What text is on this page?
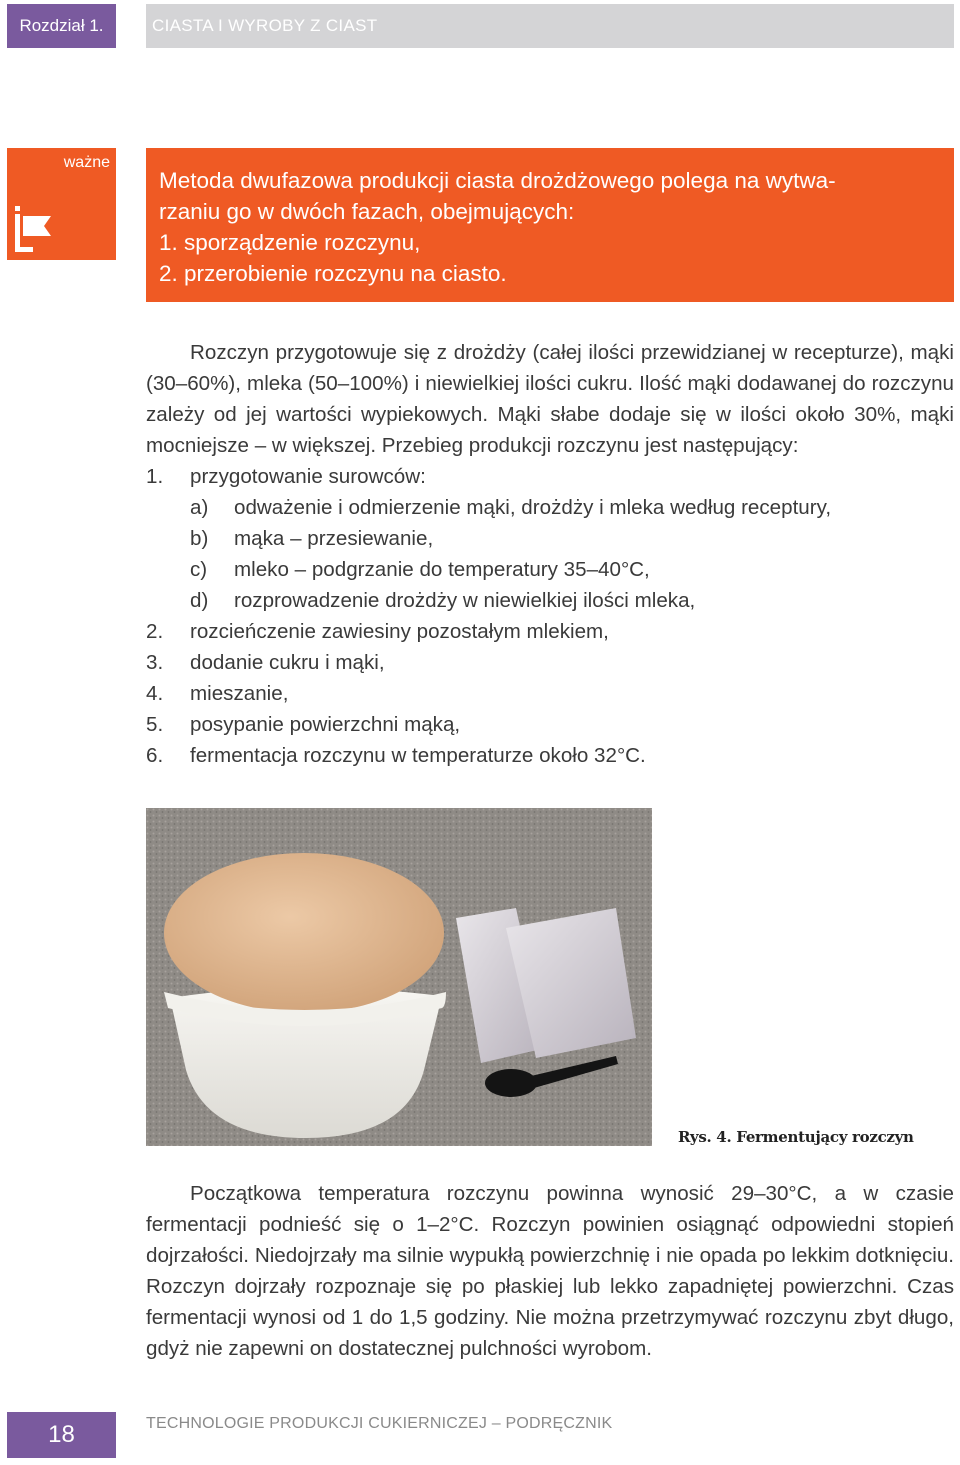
Rozdział 1.	CIASTA I WYROBY Z CIAST
ważne

Metoda dwufazowa produkcji ciasta drożdżowego polega na wytwa-

rzaniu go w dwóch fazach, obejmujących:

1. sporządzenie rozczynu,

2. przerobienie rozczynu na ciasto.

Rozczyn przygotowuje się z drożdży (całej ilości przewidzianej w recepturze), mąki (30–60%), mleka (50–100%) i niewielkiej ilości cukru. Ilość mąki dodawanej do rozczynu zależy od jej wartości wypiekowych. Mąki słabe dodaje się w ilości około 30%, mąki mocniejsze – w większej. Przebieg produkcji rozczynu jest następujący:

1.	przygotowanie surowców:
a)	odważenie i odmierzenie mąki, drożdży i mleka według receptury,
b)	mąka – przesiewanie,
c)	mleko – podgrzanie do temperatury 35–40°C,
d)	rozprowadzenie drożdży w niewielkiej ilości mleka,
2.	rozcieńczenie zawiesiny pozostałym mlekiem,
3.	dodanie cukru i mąki,
4.	mieszanie,
5.	posypanie powierzchni mąką,
6.	fermentacja rozczynu w temperaturze około 32°C.
Rys. 4. Fermentujący rozczyn

Początkowa temperatura rozczynu powinna wynosić 29–30°C, a w czasie fermentacji podnieść się o 1–2°C. Rozczyn powinien osiągnąć odpowiedni stopień dojrzałości. Niedojrzały ma silnie wypukłą powierzchnię i nie opada po lekkim dotknięciu. Rozczyn dojrzały rozpoznaje się po płaskiej lub lekko zapadniętej powierzchni. Czas fermentacji wynosi od 1 do 1,5 godziny. Nie można przetrzymywać rozczynu zbyt długo, gdyż nie zapewni on dostatecznej pulchności wyrobom.

18	TECHNOLOGIE PRODUKCJI CUKIERNICZEJ – PODRĘCZNIK
